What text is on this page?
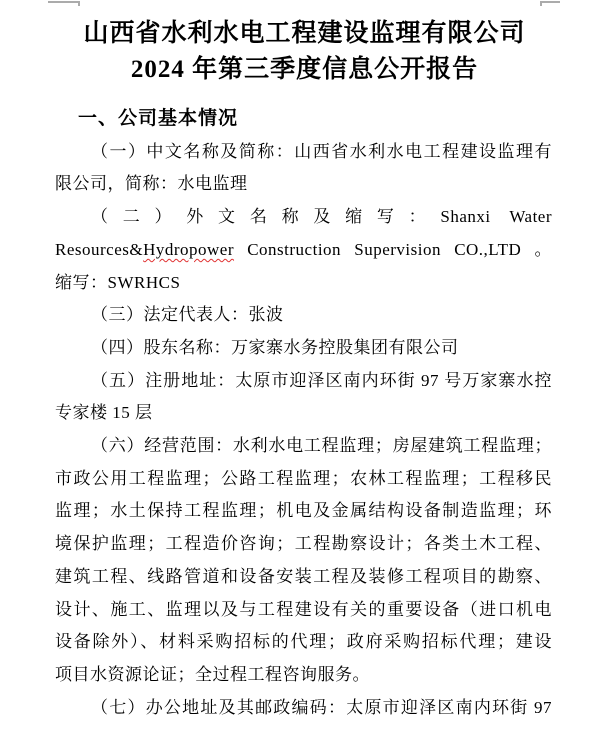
山西省水利水电工程建设监理有限公司
2024 年第三季度信息公开报告
一、公司基本情况
（一）中文名称及简称：山西省水利水电工程建设监理有
限公司，简称：水电监理
（二）外文名称及缩写：Shanxi Water
Resources&Hydropower Construction Supervision CO.,LTD 。
缩写：SWRHCS
（三）法定代表人：张波
（四）股东名称：万家寨水务控股集团有限公司
（五）注册地址：太原市迎泽区南内环街 97 号万家寨水控
专家楼 15 层
（六）经营范围：水利水电工程监理；房屋建筑工程监理；
市政公用工程监理；公路工程监理；农林工程监理；工程移民
监理；水土保持工程监理；机电及金属结构设备制造监理；环
境保护监理；工程造价咨询；工程勘察设计；各类土木工程、
建筑工程、线路管道和设备安装工程及装修工程项目的勘察、
设计、施工、监理以及与工程建设有关的重要设备（进口机电
设备除外）、材料采购招标的代理；政府采购招标代理；建设
项目水资源论证；全过程工程咨询服务。
（七）办公地址及其邮政编码：太原市迎泽区南内环街 97
